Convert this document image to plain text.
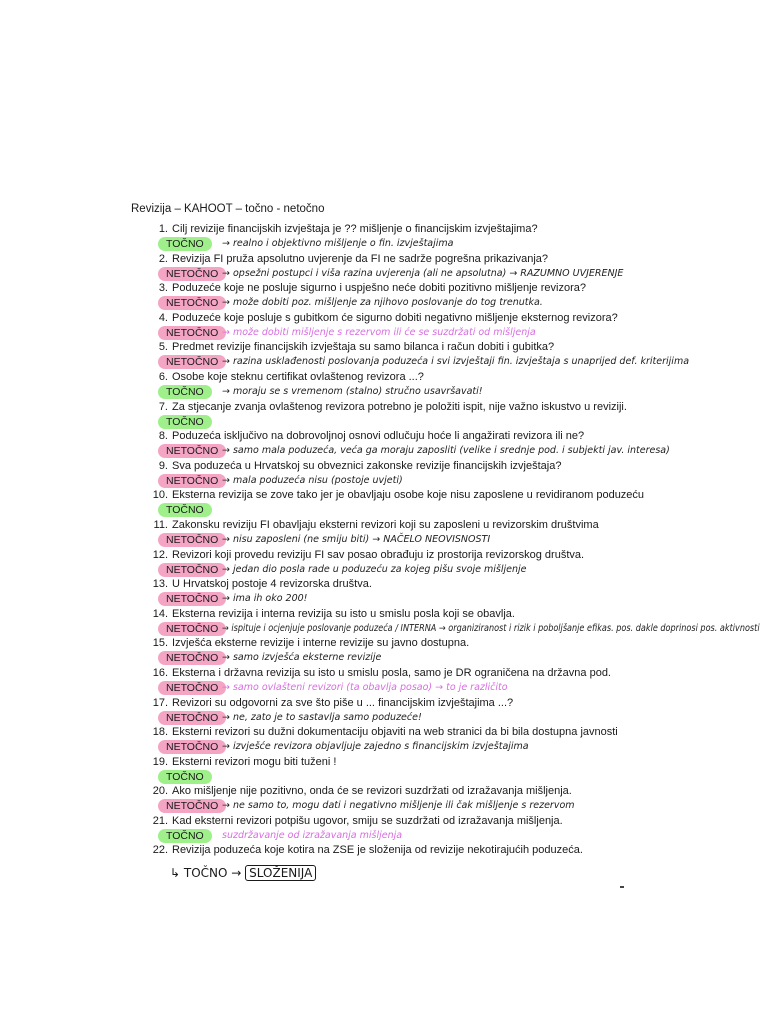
Revizija – KAHOOT – točno - netočno
1. Cilj revizije financijskih izvještaja je ?? mišljenje o financijskim izvještajima?
TOČNO	→ realno i objektivno mišljenje o fin. izvještajima
2. Revizija FI pruža apsolutno uvjerenje da FI ne sadrže pogrešna prikazivanja?
NETOČNO → opsežni postupci i viša razina uvjerenja (ali ne apsolutna) → RAZUMNO UVJERENJE
3. Poduzeće koje ne posluje sigurno i uspješno neće dobiti pozitivno mišljenje revizora?
NETOČNO → može dobiti poz. mišljenje za njihovo poslovanje do tog trenutka.
4. Poduzeće koje posluje s gubitkom će sigurno dobiti negativno mišljenje eksternog revizora?
NETOČNO → može dobiti mišljenje s rezervom ili će se suzdržati od mišljenja
5. Predmet revizije financijskih izvještaja su samo bilanca i račun dobiti i gubitka?
NETOČNO → razina usklađenosti poslovanja poduzeća i svi izvještaji fin. izvještaja s unaprijed def. kriterijima
6. Osobe koje steknu certifikat ovlaštenog revizora ...?
TOČNO	→ moraju se s vremenom (stalno) stručno usavršavati!
7. Za stjecanje zvanja ovlaštenog revizora potrebno je položiti ispit, nije važno iskustvo u reviziji.
TOČNO
8. Poduzeća isključivo na dobrovoljnoj osnovi odlučuju hoće li angažirati revizora ili ne?
NETOČNO → samo mala poduzeća, veća ga moraju zaposliti (velike i srednje pod. i subjekti jav. interesa)
9. Sva poduzeća u Hrvatskoj su obveznici zakonske revizije financijskih izvještaja?
NETOČNO → mala poduzeća nisu (postoje uvjeti)
10. Eksterna revizija se zove tako jer je obavljaju osobe koje nisu zaposlene u revidiranom poduzeću
TOČNO
11. Zakonsku reviziju FI obavljaju eksterni revizori koji su zaposleni u revizorskim društvima
NETOČNO → nisu zaposleni (ne smiju biti) → NAČELO NEOVISNOSTI
12. Revizori koji provedu reviziju FI sav posao obrađuju iz prostorija revizorskog društva.
NETOČNO → jedan dio posla rade u poduzeću za kojeg pišu svoje mišljenje
13. U Hrvatskoj postoje 4 revizorska društva.
NETOČNO → ima ih oko 200!
14. Eksterna revizija i interna revizija su isto u smislu posla koji se obavlja.
NETOČNO → ispituje i ocjenjuje poslovanje poduzeća / INTERNA → organiziranost i rizik i poboljšanje efikas. pos. dakle doprinosi pos. aktivnosti
15. Izvješća eksterne revizije i interne revizije su javno dostupna.
NETOČNO → samo izvješća eksterne revizije
16. Eksterna i državna revizija su isto u smislu posla, samo je DR ograničena na državna pod.
NETOČNO → samo ovlašteni revizori (ta obavlja posao) → to je različito
17. Revizori su odgovorni za sve što piše u ... financijskim izvještajima ...?
NETOČNO → ne, zato je to sastavlja samo poduzeće!
18. Eksterni revizori su dužni dokumentaciju objaviti na web stranici da bi bila dostupna javnosti
NETOČNO → izvješće revizora objavljuje zajedno s financijskim izvještajima
19. Eksterni revizori mogu biti tuženi !
TOČNO
20. Ako mišljenje nije pozitivno, onda će se revizori suzdržati od izražavanja mišljenja.
NETOČNO → ne samo to, mogu dati i negativno mišljenje ili čak mišljenje s rezervom
21. Kad eksterni revizori potpišu ugovor, smiju se suzdržati od izražavanja mišljenja.
TOČNO	suzdržavanje od izražavanja mišljenja
22. Revizija poduzeća koje kotira na ZSE je složenija od revizije nekotirajućih poduzeća.
↳ TOČNO → SLOŽENIJA
